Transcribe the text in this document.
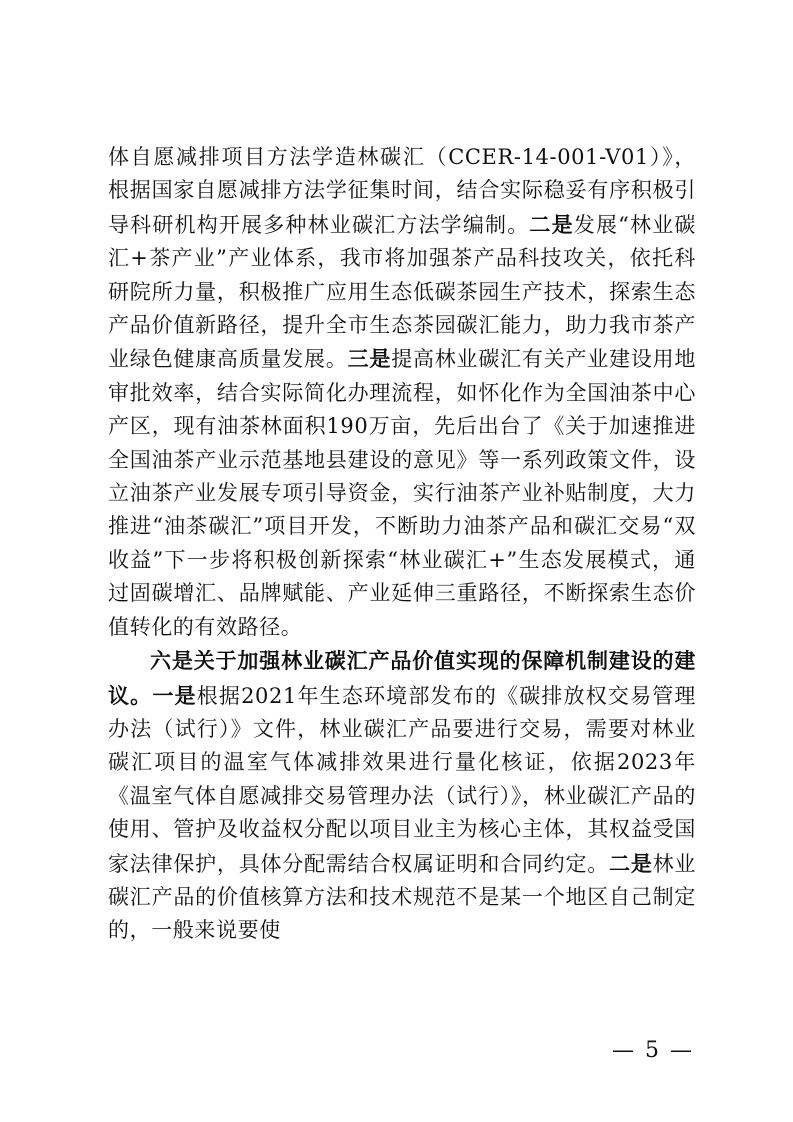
体自愿减排项目方法学造林碳汇（CCER-14-001-V01）》，根据国家自愿减排方法学征集时间，结合实际稳妥有序积极引导科研机构开展多种林业碳汇方法学编制。二是发展“林业碳汇+茶产业”产业体系，我市将加强茶产品科技攻关，依托科研院所力量，积极推广应用生态低碳茶园生产技术，探索生态产品价值新路径，提升全市生态茶园碳汇能力，助力我市茶产业绿色健康高质量发展。三是提高林业碳汇有关产业建设用地审批效率，结合实际简化办理流程，如怀化作为全国油茶中心产区，现有油茶林面积190万亩，先后出台了《关于加速推进全国油茶产业示范基地县建设的意见》等一系列政策文件，设立油茶产业发展专项引导资金，实行油茶产业补贴制度，大力推进“油茶碳汇”项目开发，不断助力油茶产品和碳汇交易“双收益”下一步将积极创新探索“林业碳汇+”生态发展模式，通过固碳增汇、品牌赋能、产业延伸三重路径，不断探索生态价值转化的有效路径。

六是关于加强林业碳汇产品价值实现的保障机制建设的建议。一是根据2021年生态环境部发布的《碳排放权交易管理办法（试行）》文件，林业碳汇产品要进行交易，需要对林业碳汇项目的温室气体减排效果进行量化核证，依据2023年《温室气体自愿减排交易管理办法（试行）》，林业碳汇产品的使用、管护及收益权分配以项目业主为核心主体，其权益受国家法律保护，具体分配需结合权属证明和合同约定。二是林业碳汇产品的价值核算方法和技术规范不是某一个地区自己制定的，一般来说要使

— 5 —
